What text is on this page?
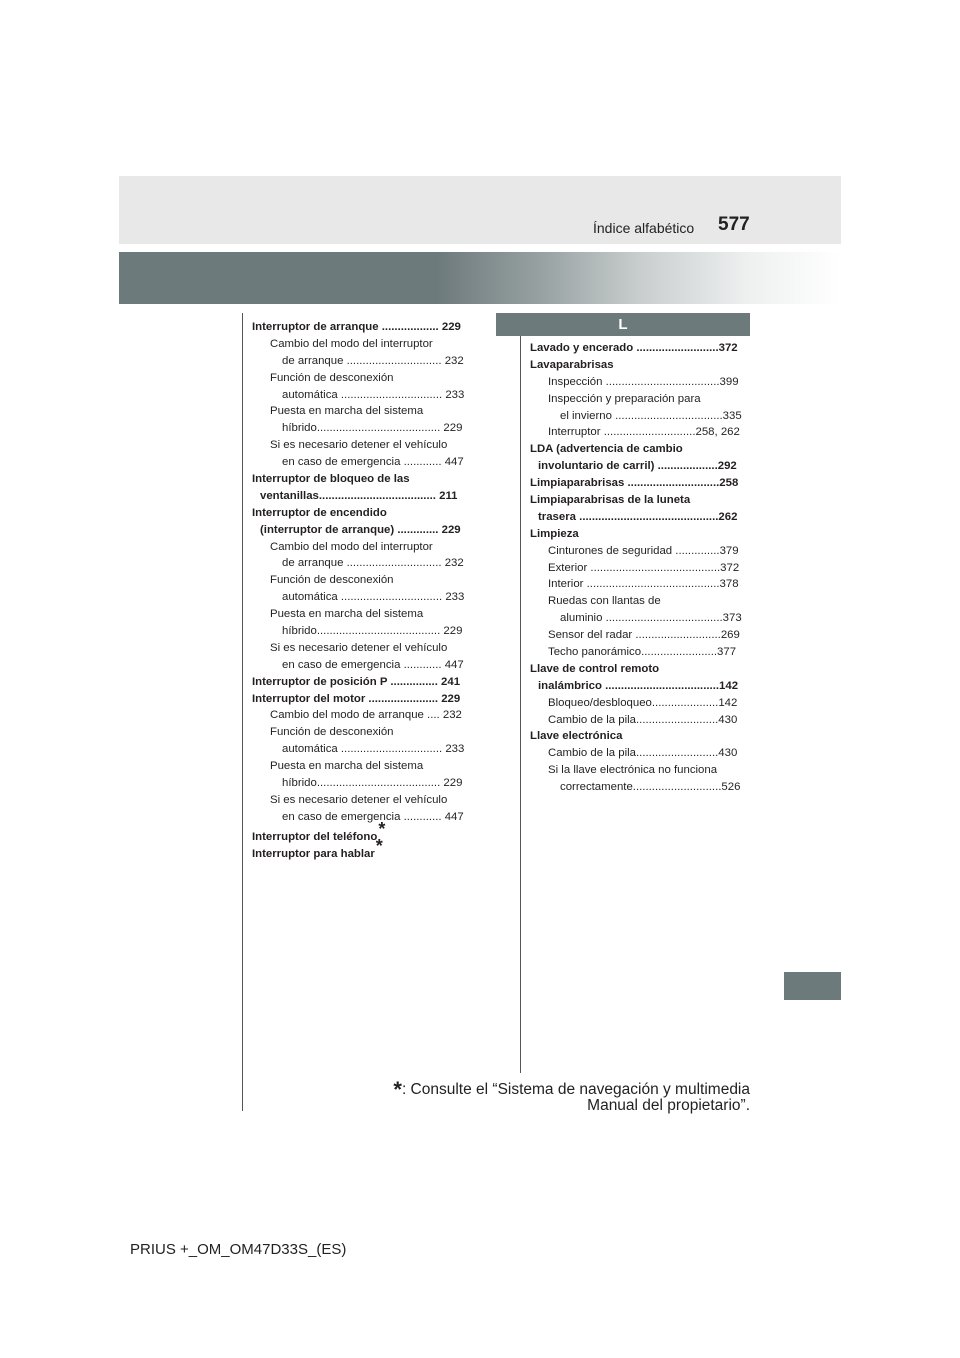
577
Índice alfabético
Interruptor de arranque .................. 229
Cambio del modo del interruptor
de arranque .............................. 232
Función de desconexión
automática ................................ 233
Puesta en marcha del sistema
híbrido....................................... 229
Si es necesario detener el vehículo
en caso de emergencia ............ 447
Interruptor de bloqueo de las
ventanillas..................................... 211
Interruptor de encendido
(interruptor de arranque) ............. 229
Cambio del modo del interruptor
de arranque .............................. 232
Función de desconexión
automática ................................ 233
Puesta en marcha del sistema
híbrido....................................... 229
Si es necesario detener el vehículo
en caso de emergencia ............ 447
Interruptor de posición P ............... 241
Interruptor del motor ...................... 229
Cambio del modo de arranque .... 232
Función de desconexión
automática ................................ 233
Puesta en marcha del sistema
híbrido....................................... 229
Si es necesario detener el vehículo
en caso de emergencia ............ 447
Interruptor del teléfono*
Interruptor para hablar*
L
Lavado y encerado ..........................372
Lavaparabrisas
Inspección ....................................399
Inspección y preparación para
el invierno ..................................335
Interruptor .............................258, 262
LDA (advertencia de cambio
involuntario de carril) ...................292
Limpiaparabrisas .............................258
Limpiaparabrisas de la luneta
trasera ............................................262
Limpieza
Cinturones de seguridad ..............379
Exterior .........................................372
Interior ..........................................378
Ruedas con llantas de
aluminio .....................................373
Sensor del radar ...........................269
Techo panorámico........................377
Llave de control remoto
inalámbrico ....................................142
Bloqueo/desbloqueo.....................142
Cambio de la pila..........................430
Llave electrónica
Cambio de la pila..........................430
Si la llave electrónica no funciona
correctamente............................526
*: Consulte el “Sistema de navegación y multimedia
Manual del propietario”.
PRIUS +_OM_OM47D33S_(ES)
